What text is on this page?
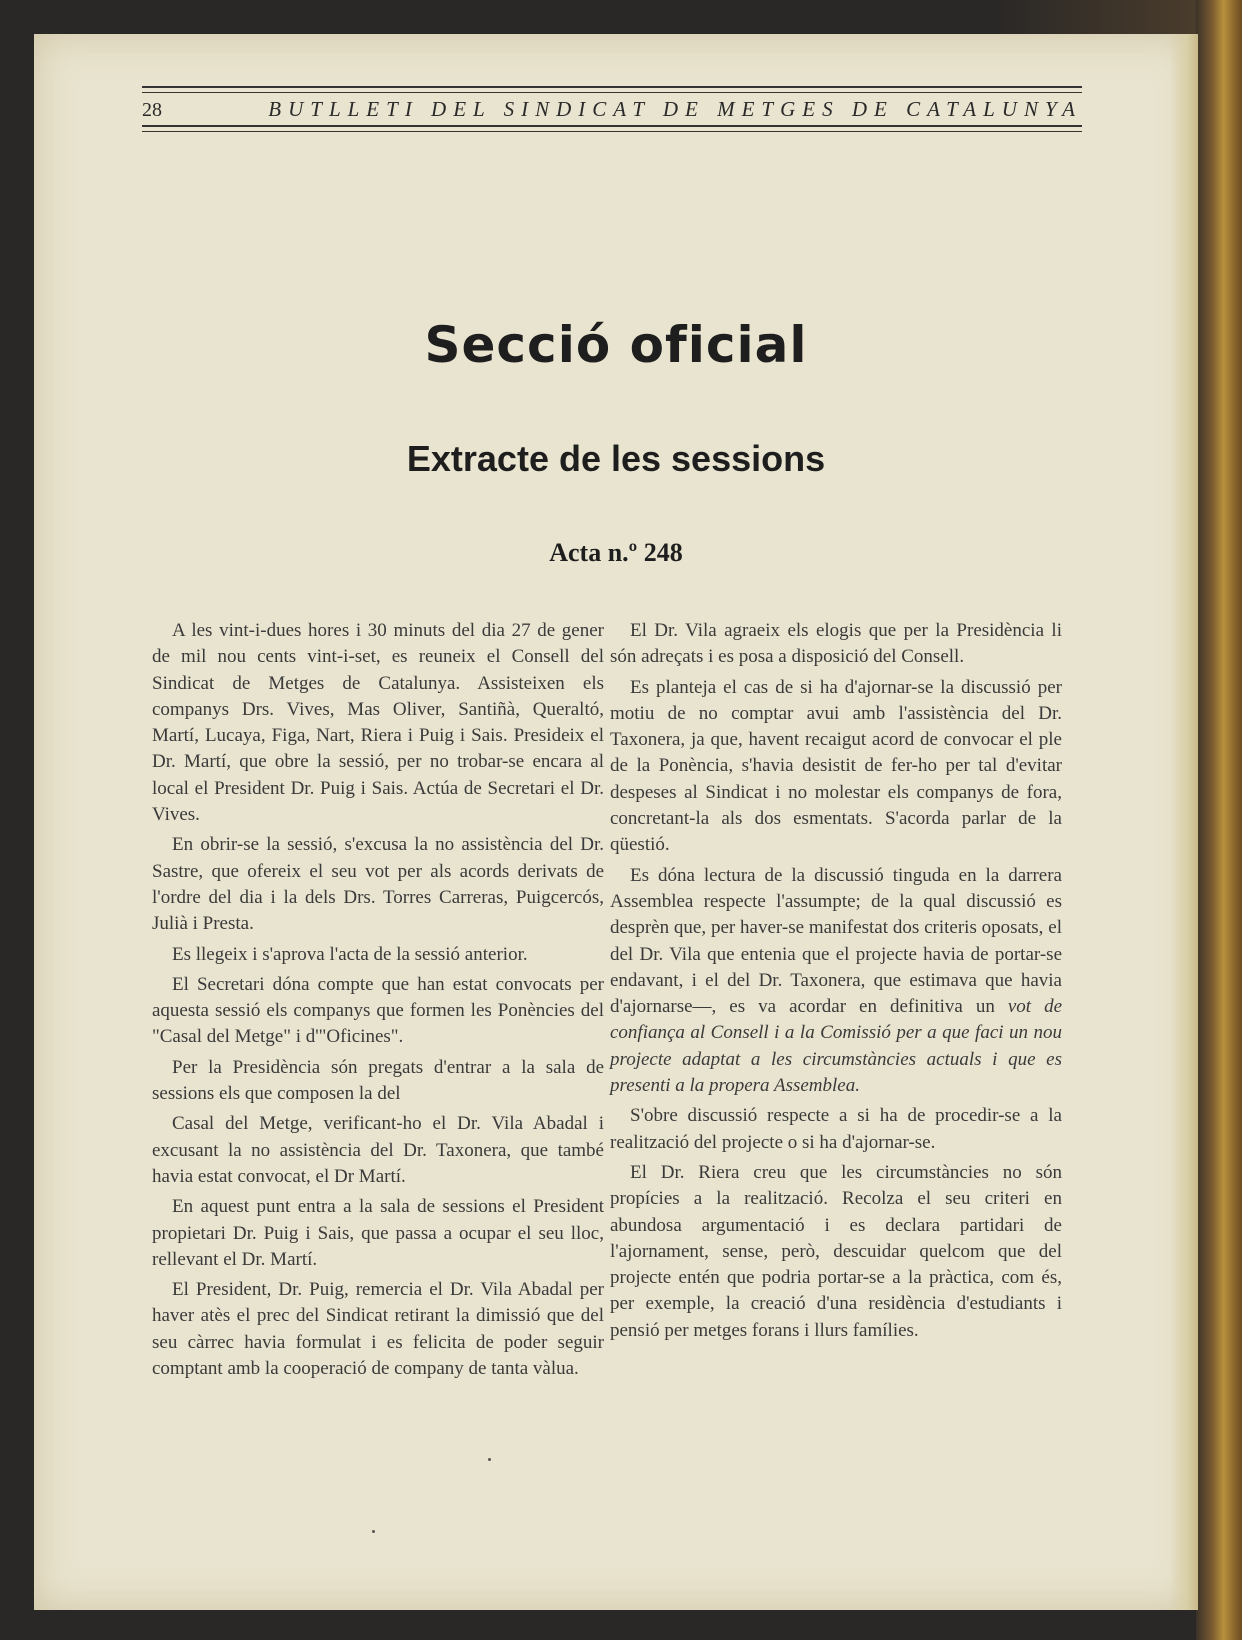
28	BUTLLETI DEL SINDICAT DE METGES DE CATALUNYA
Secció oficial
Extracte de les sessions
Acta n.º 248

A les vint-i-dues hores i 30 minuts del dia 27 de gener de mil nou cents vint-i-set, es reuneix el Consell del Sindicat de Metges de Catalunya. Assisteixen els companys Drs. Vives, Mas Oliver, Santiñà, Queraltó, Martí, Lucaya, Figa, Nart, Riera i Puig i Sais. Presideix el Dr. Martí, que obre la sessió, per no trobar-se encara al local el President Dr. Puig i Sais. Actúa de Secretari el Dr. Vives.

En obrir-se la sessió, s'excusa la no assistència del Dr. Sastre, que ofereix el seu vot per als acords derivats de l'ordre del dia i la dels Drs. Torres Carreras, Puigcercós, Julià i Presta.

Es llegeix i s'aprova l'acta de la sessió anterior.

El Secretari dóna compte que han estat convocats per aquesta sessió els companys que formen les Ponències del "Casal del Metge" i d'"Oficines".

Per la Presidència són pregats d'entrar a la sala de sessions els que composen la del

Casal del Metge, verificant-ho el Dr. Vila Abadal i excusant la no assistència del Dr. Taxonera, que també havia estat convocat, el Dr Martí.

En aquest punt entra a la sala de sessions el President propietari Dr. Puig i Sais, que passa a ocupar el seu lloc, rellevant el Dr. Martí.

El President, Dr. Puig, remercia el Dr. Vila Abadal per haver atès el prec del Sindicat retirant la dimissió que del seu càrrec havia formulat i es felicita de poder seguir comptant amb la cooperació de company de tanta vàlua.

El Dr. Vila agraeix els elogis que per la Presidència li són adreçats i es posa a disposició del Consell.

Es planteja el cas de si ha d'ajornar-se la discussió per motiu de no comptar avui amb l'assistència del Dr. Taxonera, ja que, havent recaigut acord de convocar el ple de la Ponència, s'havia desistit de fer-ho per tal d'evitar despeses al Sindicat i no molestar els companys de fora, concretant-la als dos esmentats. S'acorda parlar de la qüestió.

Es dóna lectura de la discussió tinguda en la darrera Assemblea respecte l'assumpte; de la qual discussió es desprèn que, per haver-se manifestat dos criteris oposats, el del Dr. Vila que entenia que el projecte havia de portar-se endavant, i el del Dr. Taxonera, que estimava que havia d'ajornarse—, es va acordar en definitiva un vot de confiança al Consell i a la Comissió per a que faci un nou projecte adaptat a les circumstàncies actuals i que es presenti a la propera Assemblea.

S'obre discussió respecte a si ha de procedir-se a la realització del projecte o si ha d'ajornar-se.

El Dr. Riera creu que les circumstàncies no són propícies a la realització. Recolza el seu criteri en abundosa argumentació i es declara partidari de l'ajornament, sense, però, descuidar quelcom que del projecte entén que podria portar-se a la pràctica, com és, per exemple, la creació d'una residència d'estudiants i pensió per metges forans i llurs famílies.
